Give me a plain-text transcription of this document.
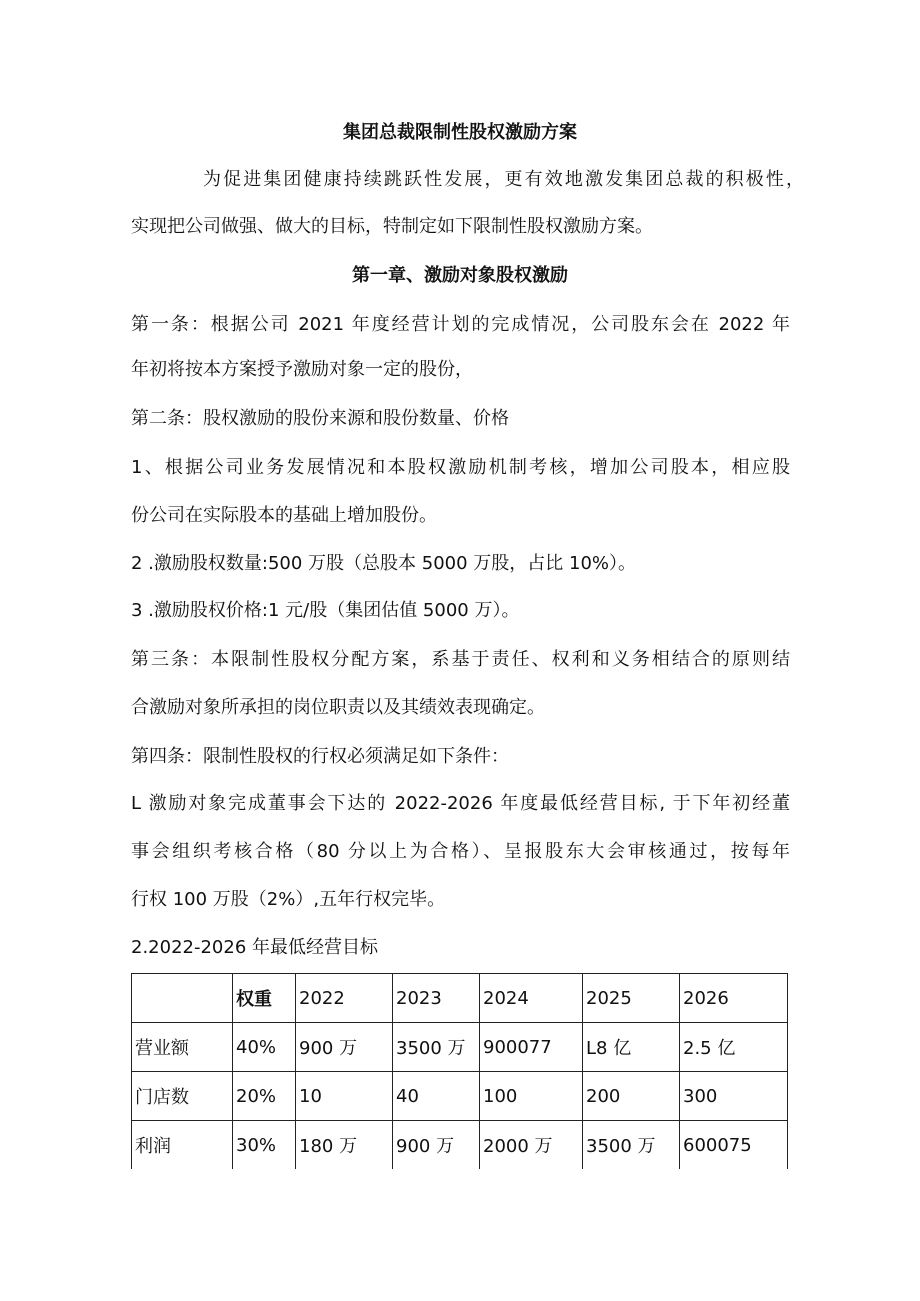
集团总裁限制性股权激励方案
为促进集团健康持续跳跃性发展，更有效地激发集团总裁的积极性，
实现把公司做强、做大的目标，特制定如下限制性股权激励方案。
第一章、激励对象股权激励
第一条：根据公司 2021 年度经营计划的完成情况，公司股东会在 2022 年
年初将按本方案授予激励对象一定的股份，
第二条：股权激励的股份来源和股份数量、价格
1、根据公司业务发展情况和本股权激励机制考核，增加公司股本，相应股
份公司在实际股本的基础上增加股份。
2 .激励股权数量:500 万股（总股本 5000 万股，占比 10%）。
3 .激励股权价格:1 元/股（集团估值 5000 万）。
第三条：本限制性股权分配方案，系基于责任、权利和义务相结合的原则结
合激励对象所承担的岗位职责以及其绩效表现确定。
第四条：限制性股权的行权必须满足如下条件：
L 激励对象完成董事会下达的 2022-2026 年度最低经营目标, 于下年初经董
事会组织考核合格（80 分以上为合格）、呈报股东大会审核通过，按每年
行权 100 万股（2%）,五年行权完毕。
2.2022-2026 年最低经营目标
	权重	2022	2023	2024	2025	2026
营业额	40%	900 万	3500 万	900077	L8 亿	2.5 亿
门店数	20%	10	40	100	200	300
利润	30%	180 万	900 万	2000 万	3500 万	600075
